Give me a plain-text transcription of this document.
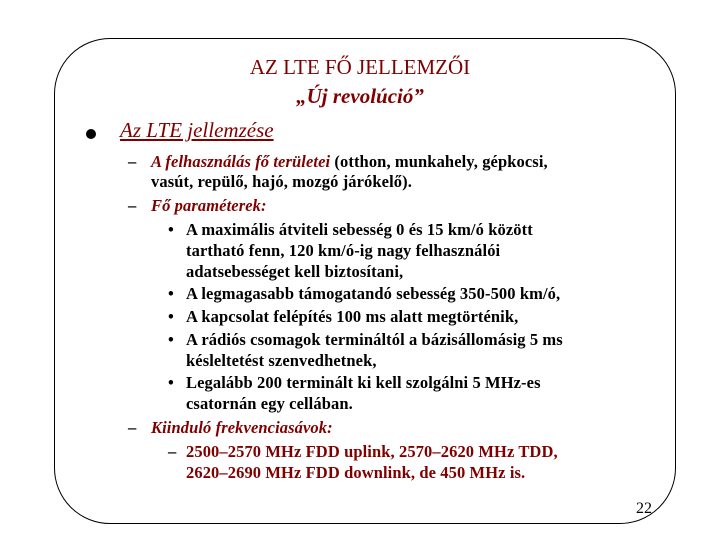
AZ LTE FŐ JELLEMZŐI
„Új revolúció”
Az LTE jellemzése
– A felhasználás fő területei (otthon, munkahely, gépkocsi,
vasút, repülő, hajó, mozgó járókelő).
– Fő paraméterek:
• A maximális átviteli sebesség 0 és 15 km/ó között
tartható fenn, 120 km/ó-ig nagy felhasználói
adatsebességet kell biztosítani,
• A legmagasabb támogatandó sebesség 350-500 km/ó,
• A kapcsolat felépítés 100 ms alatt megtörténik,
• A rádiós csomagok termináltól a bázisállomásig 5 ms
késleltetést szenvedhetnek,
• Legalább 200 terminált ki kell szolgálni 5 MHz-es
csatornán egy cellában.
– Kiinduló frekvenciasávok:
– 2500–2570 MHz FDD uplink, 2570–2620 MHz TDD,
2620–2690 MHz FDD downlink, de 450 MHz is.
22
